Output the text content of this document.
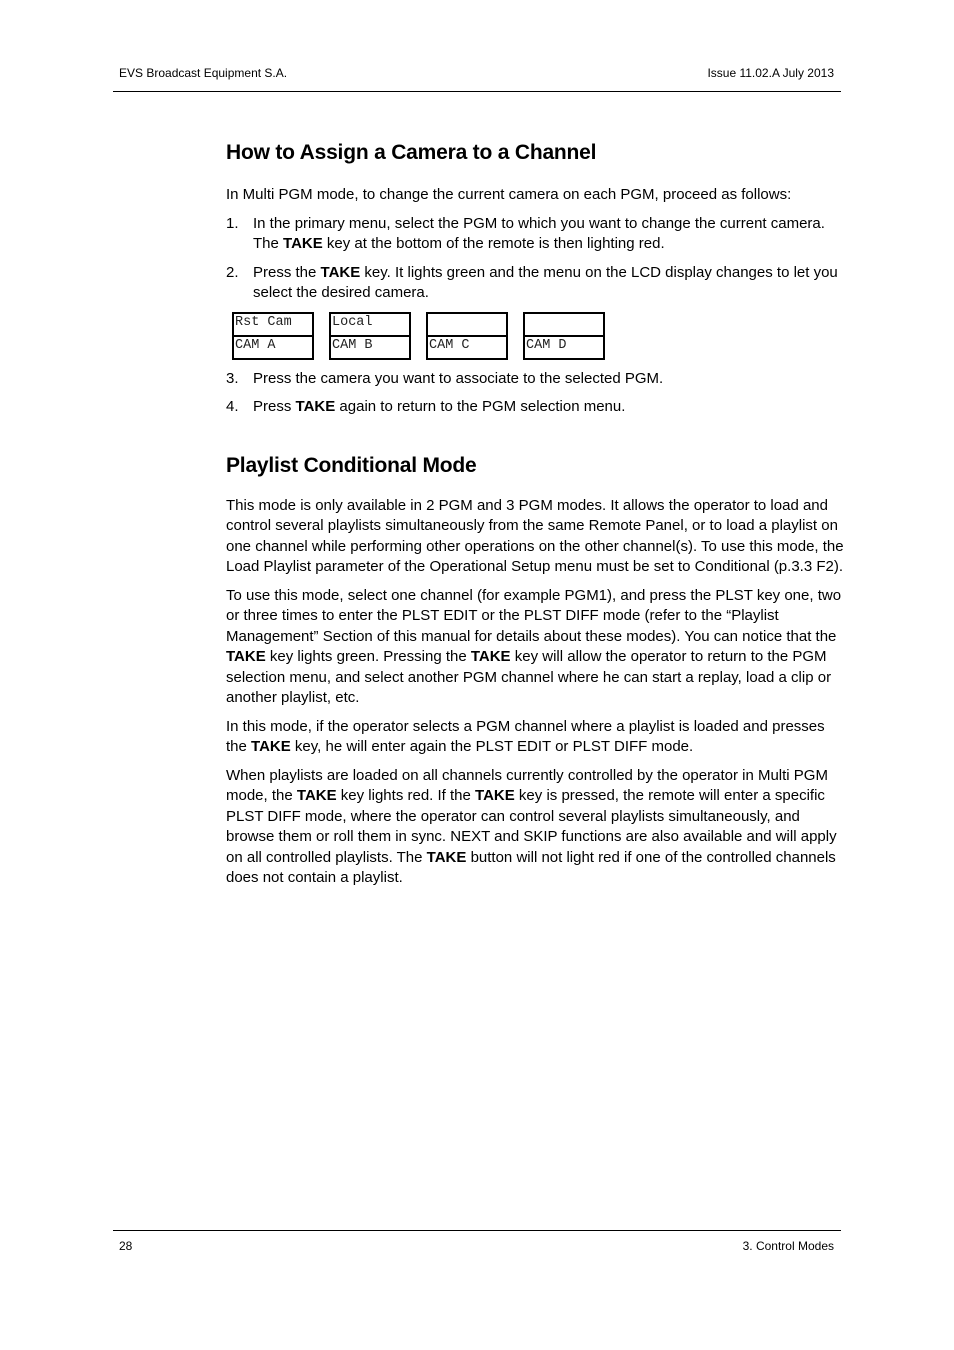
EVS Broadcast Equipment S.A.	Issue 11.02.A July 2013
How to Assign a Camera to a Channel

In Multi PGM mode, to change the current camera on each PGM, proceed as follows:

1. In the primary menu, select the PGM to which you want to change the current camera. The TAKE key at the bottom of the remote is then lighting red.
2. Press the TAKE key. It lights green and the menu on the LCD display changes to let you select the desired camera.
Rst Cam	Local
CAM A	CAM B	CAM C	CAM D
3. Press the camera you want to associate to the selected PGM.
4. Press TAKE again to return to the PGM selection menu.
Playlist Conditional Mode

This mode is only available in 2 PGM and 3 PGM modes. It allows the operator to load and control several playlists simultaneously from the same Remote Panel, or to load a playlist on one channel while performing other operations on the other channel(s). To use this mode, the Load Playlist parameter of the Operational Setup menu must be set to Conditional (p.3.3 F2).

To use this mode, select one channel (for example PGM1), and press the PLST key one, two or three times to enter the PLST EDIT or the PLST DIFF mode (refer to the “Playlist Management” Section of this manual for details about these modes). You can notice that the TAKE key lights green. Pressing the TAKE key will allow the operator to return to the PGM selection menu, and select another PGM channel where he can start a replay, load a clip or another playlist, etc.

In this mode, if the operator selects a PGM channel where a playlist is loaded and presses the TAKE key, he will enter again the PLST EDIT or PLST DIFF mode.

When playlists are loaded on all channels currently controlled by the operator in Multi PGM mode, the TAKE key lights red. If the TAKE key is pressed, the remote will enter a specific PLST DIFF mode, where the operator can control several playlists simultaneously, and browse them or roll them in sync. NEXT and SKIP functions are also available and will apply on all controlled playlists. The TAKE button will not light red if one of the controlled channels does not contain a playlist.

28	3. Control Modes
